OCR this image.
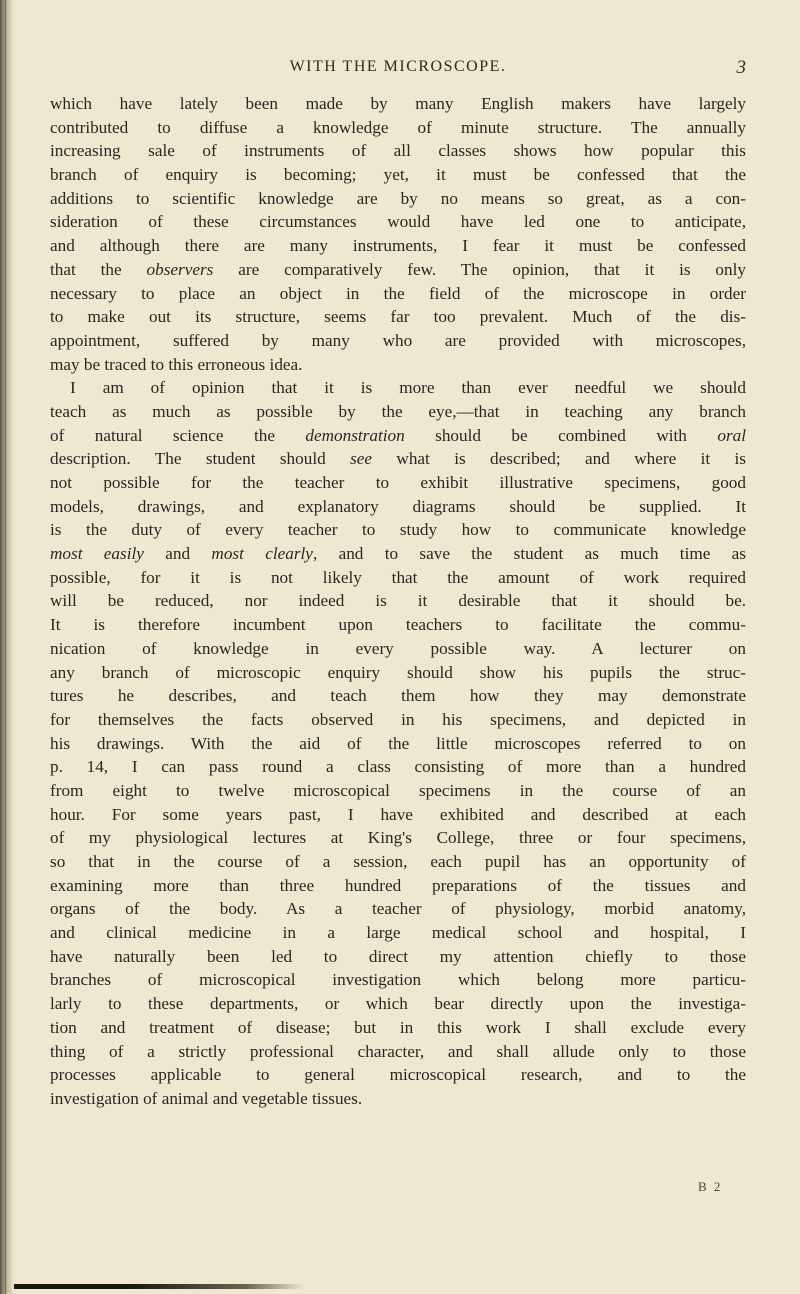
WITH THE MICROSCOPE.	3
which have lately been made by many English makers have largely
contributed to diffuse a knowledge of minute structure. The annually
increasing sale of instruments of all classes shows how popular this
branch of enquiry is becoming; yet, it must be confessed that the
additions to scientific knowledge are by no means so great, as a con-
sideration of these circumstances would have led one to anticipate,
and although there are many instruments, I fear it must be confessed
that the observers are comparatively few. The opinion, that it is only
necessary to place an object in the field of the microscope in order
to make out its structure, seems far too prevalent. Much of the dis-
appointment, suffered by many who are provided with microscopes,
may be traced to this erroneous idea.
I am of opinion that it is more than ever needful we should
teach as much as possible by the eye,—that in teaching any branch
of natural science the demonstration should be combined with oral
description. The student should see what is described; and where it is
not possible for the teacher to exhibit illustrative specimens, good
models, drawings, and explanatory diagrams should be supplied. It
is the duty of every teacher to study how to communicate knowledge
most easily and most clearly, and to save the student as much time as
possible, for it is not likely that the amount of work required
will be reduced, nor indeed is it desirable that it should be.
It is therefore incumbent upon teachers to facilitate the commu-
nication of knowledge in every possible way. A lecturer on
any branch of microscopic enquiry should show his pupils the struc-
tures he describes, and teach them how they may demonstrate
for themselves the facts observed in his specimens, and depicted in
his drawings. With the aid of the little microscopes referred to on
p. 14, I can pass round a class consisting of more than a hundred
from eight to twelve microscopical specimens in the course of an
hour. For some years past, I have exhibited and described at each
of my physiological lectures at King's College, three or four specimens,
so that in the course of a session, each pupil has an opportunity of
examining more than three hundred preparations of the tissues and
organs of the body. As a teacher of physiology, morbid anatomy,
and clinical medicine in a large medical school and hospital, I
have naturally been led to direct my attention chiefly to those
branches of microscopical investigation which belong more particu-
larly to these departments, or which bear directly upon the investiga-
tion and treatment of disease; but in this work I shall exclude every
thing of a strictly professional character, and shall allude only to those
processes applicable to general microscopical research, and to the
investigation of animal and vegetable tissues.
B 2
